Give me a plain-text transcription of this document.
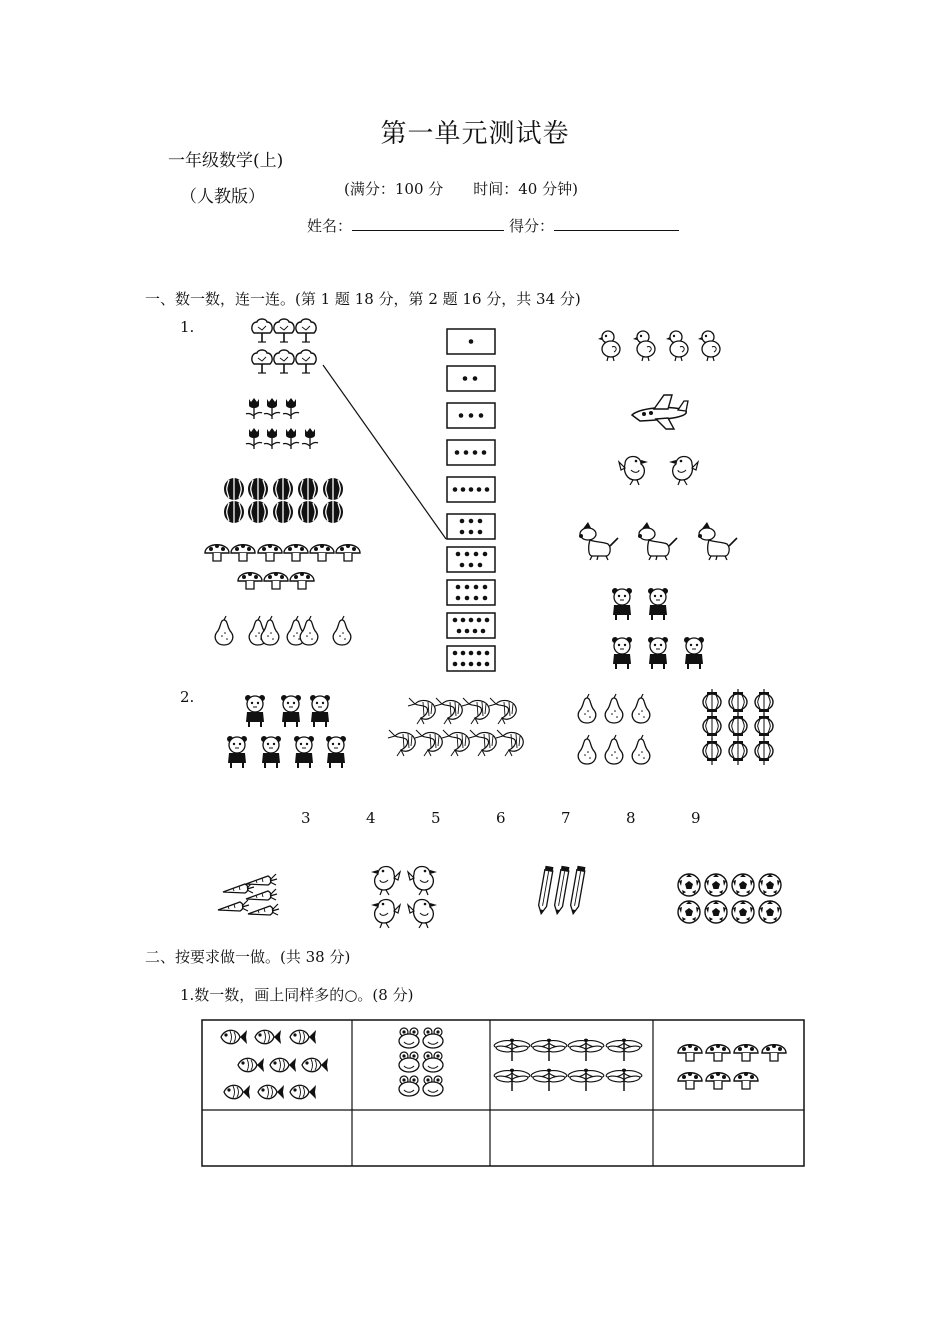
第一单元测试卷
一年级数学(上)
（人教版）	(满分：100 分　　时间：40 分钟)
姓名：	得分：
一、数一数，连一连。(第 1 题 18 分，第 2 题 16 分，共 34 分)
1.
2.
3	4	5	6	7	8	9
二、按要求做一做。(共 38 分)
1.数一数，画上同样多的○。(8 分)
